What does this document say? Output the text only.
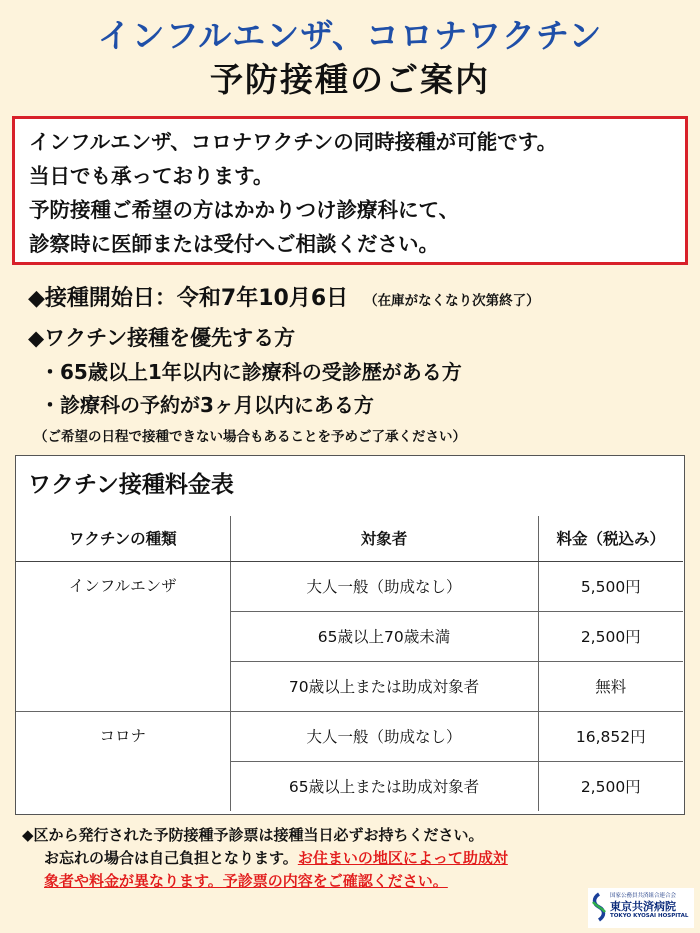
インフルエンザ、コロナワクチン
予防接種のご案内

インフルエンザ、コロナワクチンの同時接種が可能です。

当日でも承っております。

予防接種ご希望の方はかかりつけ診療科にて、

診察時に医師または受付へご相談ください。

◆接種開始日：令和7年10月6日 （在庫がなくなり次第終了）
◆ワクチン接種を優先する方
・65歳以上1年以内に診療科の受診歴がある方
・診療科の予約が3ヶ月以内にある方
（ご希望の日程で接種できない場合もあることを予めご了承ください）
ワクチン接種料金表
ワクチンの種類	対象者	料金（税込み）
インフルエンザ	大人一般（助成なし）	5,500円
	65歳以上70歳未満	2,500円
	70歳以上または助成対象者	無料
コロナ	大人一般（助成なし）	16,852円
	65歳以上または助成対象者	2,500円
◆区から発行された予防接種予診票は接種当日必ずお持ちください。
お忘れの場合は自己負担となります。お住まいの地区によって助成対
象者や料金が異なります。予診票の内容をご確認ください。
国家公務員共済組合連合会
東京共済病院
TOKYO KYOSAI HOSPITAL
